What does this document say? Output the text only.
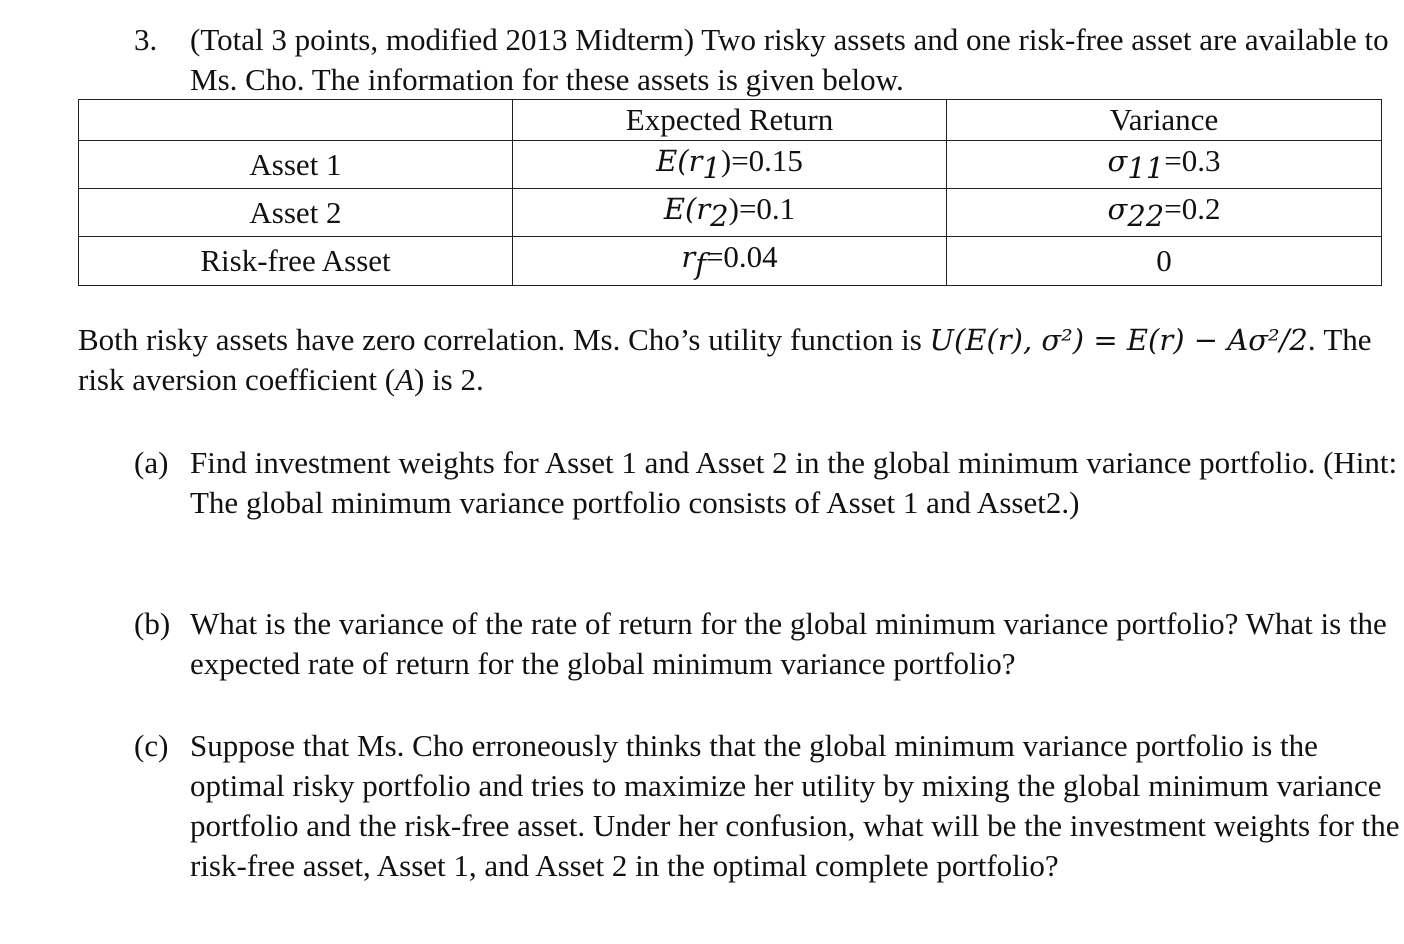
3. (Total 3 points, modified 2013 Midterm) Two risky assets and one risk-free asset are available to Ms. Cho. The information for these assets is given below.
	Expected Return	Variance
Asset 1	$E(r_1)=0.15$	$\sigma_{11}=0.3$
Asset 2	$E(r_2)=0.1$	$\sigma_{22}=0.2$
Risk-free Asset	$r_f=0.04$	0
Both risky assets have zero correlation. Ms. Cho’s utility function is U(E(r), σ²) = E(r) − Aσ²/2. The risk aversion coefficient (A) is 2.
(a) Find investment weights for Asset 1 and Asset 2 in the global minimum variance portfolio. (Hint: The global minimum variance portfolio consists of Asset 1 and Asset2.)
(b) What is the variance of the rate of return for the global minimum variance portfolio? What is the expected rate of return for the global minimum variance portfolio?
(c) Suppose that Ms. Cho erroneously thinks that the global minimum variance portfolio is the optimal risky portfolio and tries to maximize her utility by mixing the global minimum variance portfolio and the risk-free asset. Under her confusion, what will be the investment weights for the risk-free asset, Asset 1, and Asset 2 in the optimal complete portfolio?
